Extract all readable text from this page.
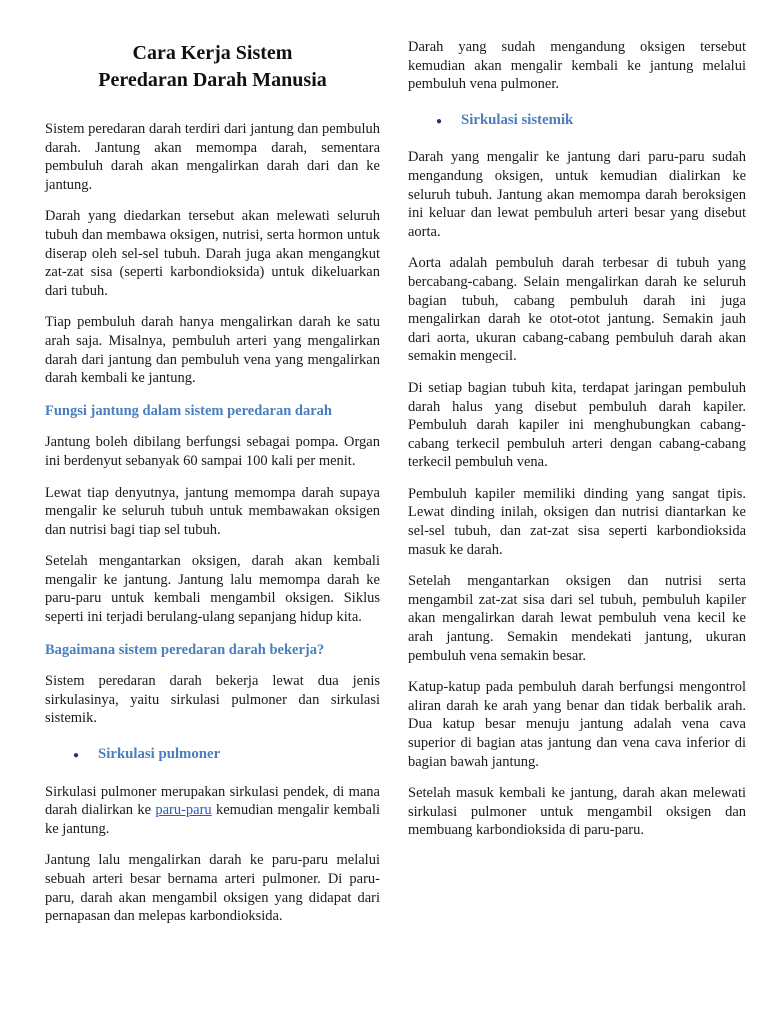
Cara Kerja Sistem
Peredaran Darah Manusia

Sistem peredaran darah terdiri dari jantung dan pembuluh darah. Jantung akan memompa darah, sementara pembuluh darah akan mengalirkan darah dari dan ke jantung.

Darah yang diedarkan tersebut akan melewati seluruh tubuh dan membawa oksigen, nutrisi, serta hormon untuk diserap oleh sel-sel tubuh. Darah juga akan mengangkut zat-zat sisa (seperti karbondioksida) untuk dikeluarkan dari tubuh.

Tiap pembuluh darah hanya mengalirkan darah ke satu arah saja. Misalnya, pembuluh arteri yang mengalirkan darah dari jantung dan pembuluh vena yang mengalirkan darah kembali ke jantung.

Fungsi jantung dalam sistem peredaran darah

Jantung boleh dibilang berfungsi sebagai pompa. Organ ini berdenyut sebanyak 60 sampai 100 kali per menit.

Lewat tiap denyutnya, jantung memompa darah supaya mengalir ke seluruh tubuh untuk membawakan oksigen dan nutrisi bagi tiap sel tubuh.

Setelah mengantarkan oksigen, darah akan kembali mengalir ke jantung. Jantung lalu memompa darah ke paru-paru untuk kembali mengambil oksigen. Siklus seperti ini terjadi berulang-ulang sepanjang hidup kita.

Bagaimana sistem peredaran darah bekerja?

Sistem peredaran darah bekerja lewat dua jenis sirkulasinya, yaitu sirkulasi pulmoner dan sirkulasi sistemik.

● Sirkulasi pulmoner

Sirkulasi pulmoner merupakan sirkulasi pendek, di mana darah dialirkan ke paru-paru kemudian mengalir kembali ke jantung.

Jantung lalu mengalirkan darah ke paru-paru melalui sebuah arteri besar bernama arteri pulmoner. Di paru-paru, darah akan mengambil oksigen yang didapat dari pernapasan dan melepas karbondioksida.

Darah yang sudah mengandung oksigen tersebut kemudian akan mengalir kembali ke jantung melalui pembuluh vena pulmoner.

● Sirkulasi sistemik

Darah yang mengalir ke jantung dari paru-paru sudah mengandung oksigen, untuk kemudian dialirkan ke seluruh tubuh. Jantung akan memompa darah beroksigen ini keluar dan lewat pembuluh arteri besar yang disebut aorta.

Aorta adalah pembuluh darah terbesar di tubuh yang bercabang-cabang. Selain mengalirkan darah ke seluruh bagian tubuh, cabang pembuluh darah ini juga mengalirkan darah ke otot-otot jantung. Semakin jauh dari aorta, ukuran cabang-cabang pembuluh darah akan semakin mengecil.

Di setiap bagian tubuh kita, terdapat jaringan pembuluh darah halus yang disebut pembuluh darah kapiler. Pembuluh darah kapiler ini menghubungkan cabang-cabang terkecil pembuluh arteri dengan cabang-cabang terkecil pembuluh vena.

Pembuluh kapiler memiliki dinding yang sangat tipis. Lewat dinding inilah, oksigen dan nutrisi diantarkan ke sel-sel tubuh, dan zat-zat sisa seperti karbondioksida masuk ke darah.

Setelah mengantarkan oksigen dan nutrisi serta mengambil zat-zat sisa dari sel tubuh, pembuluh kapiler akan mengalirkan darah lewat pembuluh vena kecil ke arah jantung. Semakin mendekati jantung, ukuran pembuluh vena semakin besar.

Katup-katup pada pembuluh darah berfungsi mengontrol aliran darah ke arah yang benar dan tidak berbalik arah. Dua katup besar menuju jantung adalah vena cava superior di bagian atas jantung dan vena cava inferior di bagian bawah jantung.

Setelah masuk kembali ke jantung, darah akan melewati sirkulasi pulmoner untuk mengambil oksigen dan membuang karbondioksida di paru-paru.
